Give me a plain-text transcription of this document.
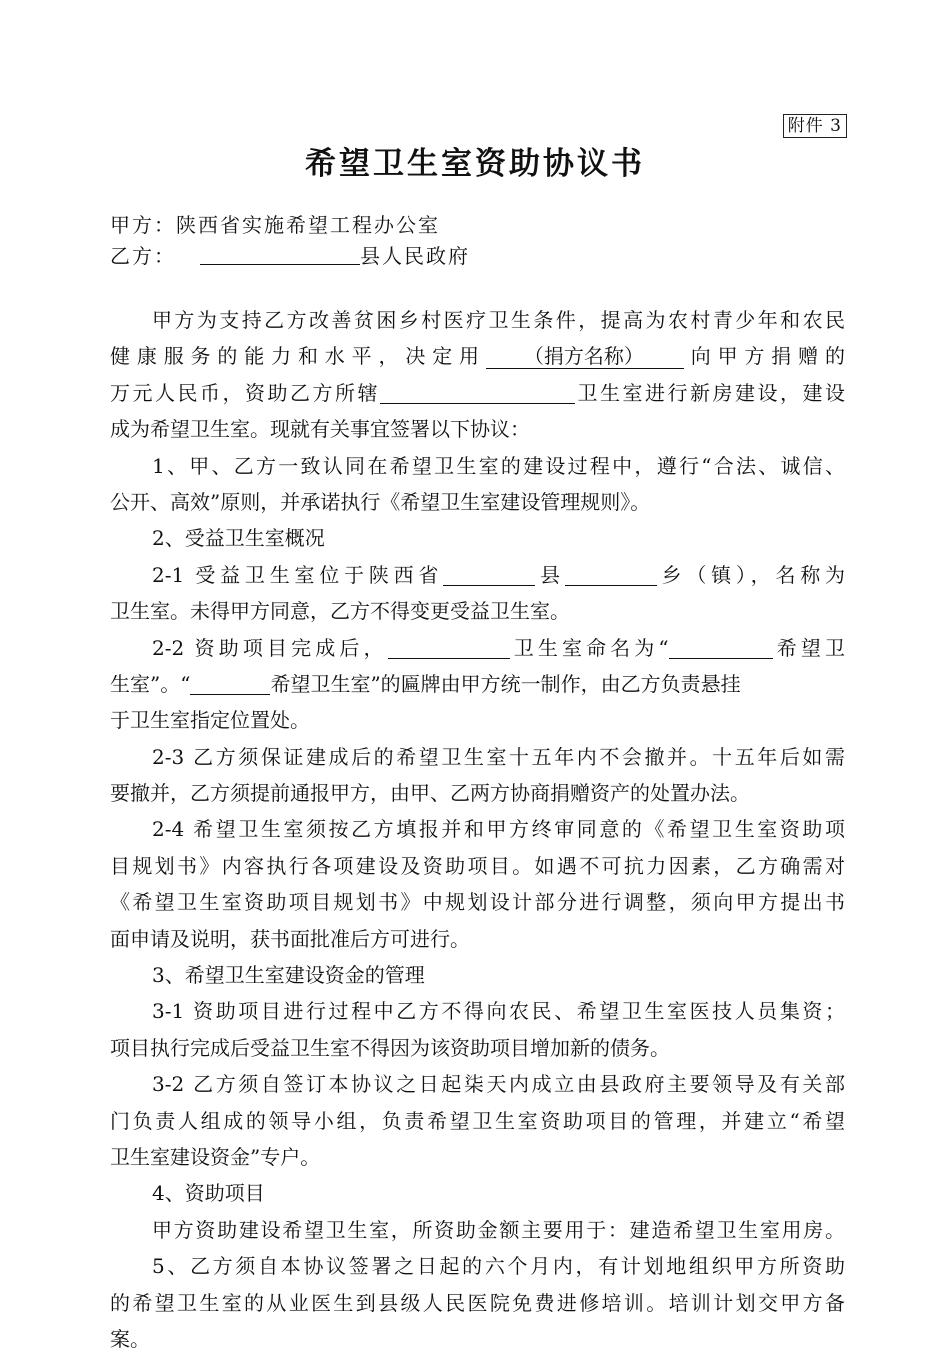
附件 3
希望卫生室资助协议书
甲方：陕西省实施希望工程办公室
乙方：	县人民政府
甲方为支持乙方改善贫困乡村医疗卫生条件，提高为农村青少年和农民
健康服务的能力和水平，决定用 （捐方名称） 向甲方捐赠的
万元人民币，资助乙方所辖	卫生室进行新房建设，建设
成为希望卫生室。现就有关事宜签署以下协议：
1、甲、乙方一致认同在希望卫生室的建设过程中，遵行“合法、诚信、
公开、高效”原则，并承诺执行《希望卫生室建设管理规则》。
2、受益卫生室概况
2-1 受益卫生室位于陕西省	县	乡（镇），名称为
卫生室。未得甲方同意，乙方不得变更受益卫生室。
2-2 资助项目完成后，	卫生室命名为“	希望卫
生室”。“	希望卫生室”的匾牌由甲方统一制作，由乙方负责悬挂
于卫生室指定位置处。
2-3 乙方须保证建成后的希望卫生室十五年内不会撤并。十五年后如需
要撤并，乙方须提前通报甲方，由甲、乙两方协商捐赠资产的处置办法。
2-4 希望卫生室须按乙方填报并和甲方终审同意的《希望卫生室资助项
目规划书》内容执行各项建设及资助项目。如遇不可抗力因素，乙方确需对
《希望卫生室资助项目规划书》中规划设计部分进行调整，须向甲方提出书
面申请及说明，获书面批准后方可进行。
3、希望卫生室建设资金的管理
3-1 资助项目进行过程中乙方不得向农民、希望卫生室医技人员集资；
项目执行完成后受益卫生室不得因为该资助项目增加新的债务。
3-2 乙方须自签订本协议之日起柒天内成立由县政府主要领导及有关部
门负责人组成的领导小组，负责希望卫生室资助项目的管理，并建立“希望
卫生室建设资金”专户。
4、资助项目
甲方资助建设希望卫生室，所资助金额主要用于：建造希望卫生室用房。
5、乙方须自本协议签署之日起的六个月内，有计划地组织甲方所资助
的希望卫生室的从业医生到县级人民医院免费进修培训。培训计划交甲方备
案。
